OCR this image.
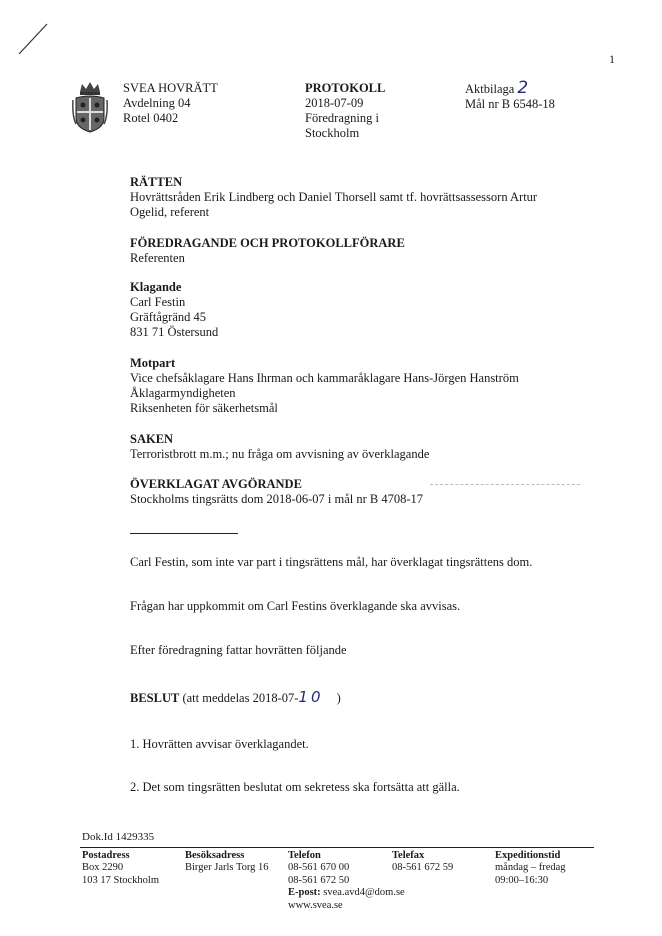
1
SVEA HOVRÄTT
Avdelning 04
Rotel 0402
PROTOKOLL
2018-07-09
Föredragning i
Stockholm
Aktbilaga 2
Mål nr B 6548-18
RÄTTEN
Hovrättsråden Erik Lindberg och Daniel Thorsell samt tf. hovrättsassessorn Artur
Ogelid, referent
FÖREDRAGANDE OCH PROTOKOLLFÖRARE
Referenten
Klagande
Carl Festin
Gräftågränd 45
831 71 Östersund
Motpart
Vice chefsåklagare Hans Ihrman och kammaråklagare Hans-Jörgen Hanström
Åklagarmyndigheten
Riksenheten för säkerhetsmål
SAKEN
Terroristbrott m.m.; nu fråga om avvisning av överklagande
ÖVERKLAGAT AVGÖRANDE
Stockholms tingsrätts dom 2018-06-07 i mål nr B 4708-17
Carl Festin, som inte var part i tingsrättens mål, har överklagat tingsrättens dom.
Frågan har uppkommit om Carl Festins överklagande ska avvisas.
Efter föredragning fattar hovrätten följande
BESLUT (att meddelas 2018-07-10 )
1. Hovrätten avvisar överklagandet.
2. Det som tingsrätten beslutat om sekretess ska fortsätta att gälla.
Dok.Id 1429335
Postadress
Box 2290
103 17 Stockholm
Besöksadress
Birger Jarls Torg 16
Telefon
08-561 670 00
08-561 672 50
E-post: svea.avd4@dom.se
www.svea.se
Telefax
08-561 672 59
Expeditionstid
måndag – fredag
09:00–16:30
